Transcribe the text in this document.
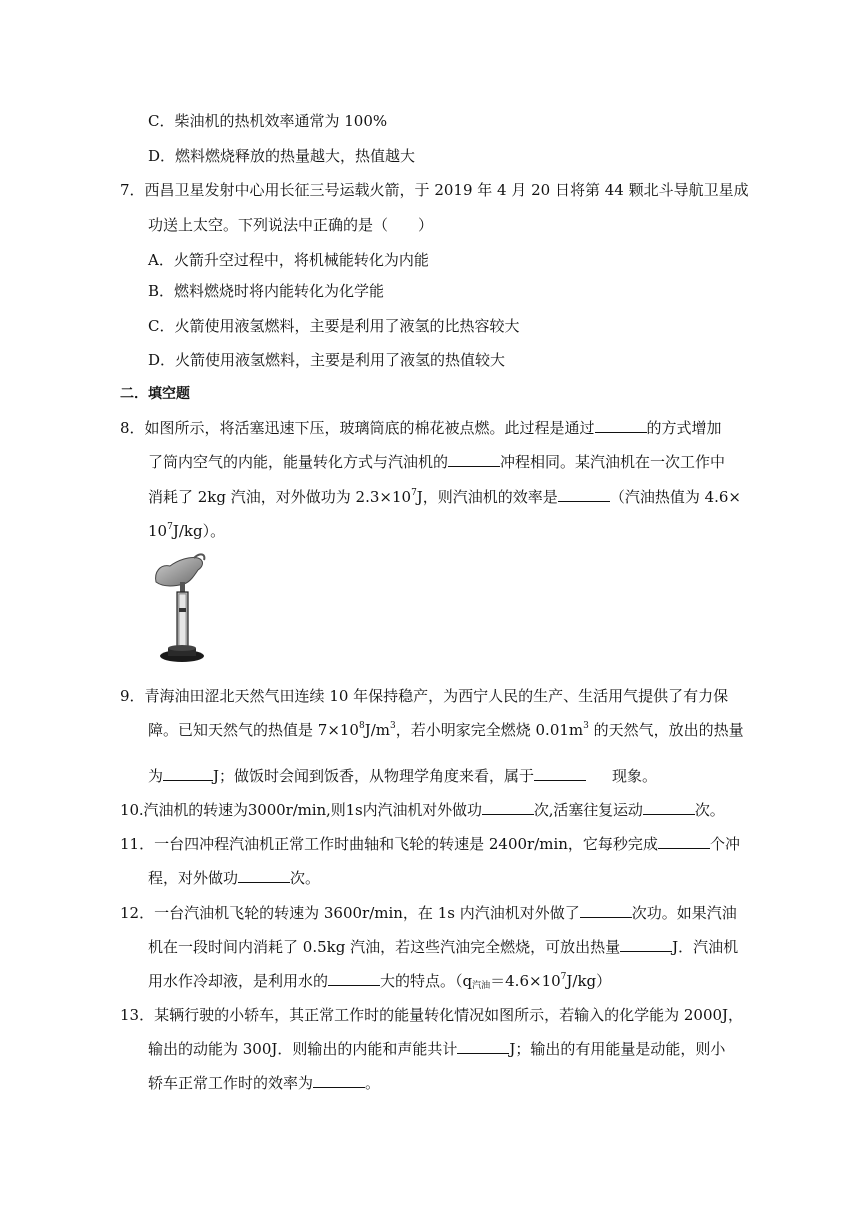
C．柴油机的热机效率通常为 100%
D．燃料燃烧释放的热量越大，热值越大
7．西昌卫星发射中心用长征三号运载火箭，于 2019 年 4 月 20 日将第 44 颗北斗导航卫星成
功送上太空。下列说法中正确的是（　　）
A．火箭升空过程中，将机械能转化为内能
B．燃料燃烧时将内能转化为化学能
C．火箭使用液氢燃料，主要是利用了液氢的比热容较大
D．火箭使用液氢燃料，主要是利用了液氢的热值较大
二．填空题
8．如图所示，将活塞迅速下压，玻璃筒底的棉花被点燃。此过程是通过	的方式增加
了筒内空气的内能，能量转化方式与汽油机的	冲程相同。某汽油机在一次工作中
消耗了 2kg 汽油，对外做功为 $2.3\times 10^7J$，则汽油机的效率是	（汽油热值为 4.6×
$10^7J/kg$）。
9．青海油田涩北天然气田连续 10 年保持稳产，为西宁人民的生产、生活用气提供了有力保
障。已知天然气的热值是 $7\times 10^8J/m^3$，若小明家完全燃烧 $0.01m^3$ 的天然气，放出的热量
为	J；做饭时会闻到饭香，从物理学角度来看，属于	现象。
10.汽油机的转速为3000r/min,则1s内汽油机对外做功	次,活塞往复运动	次。
11．一台四冲程汽油机正常工作时曲轴和飞轮的转速是 2400r/min，它每秒完成	个冲
程，对外做功	次。
12．一台汽油机飞轮的转速为 3600r/min，在 1s 内汽油机对外做了	次功。如果汽油
机在一段时间内消耗了 0.5kg 汽油，若这些汽油完全燃烧，可放出热量	J．汽油机
用水作冷却液，是利用水的	大的特点。$(q_{汽油}=4.6\times 10^7J/kg)$
13．某辆行驶的小轿车，其正常工作时的能量转化情况如图所示，若输入的化学能为 2000J，
输出的动能为 300J．则输出的内能和声能共计	J；输出的有用能量是动能，则小
轿车正常工作时的效率为	。
